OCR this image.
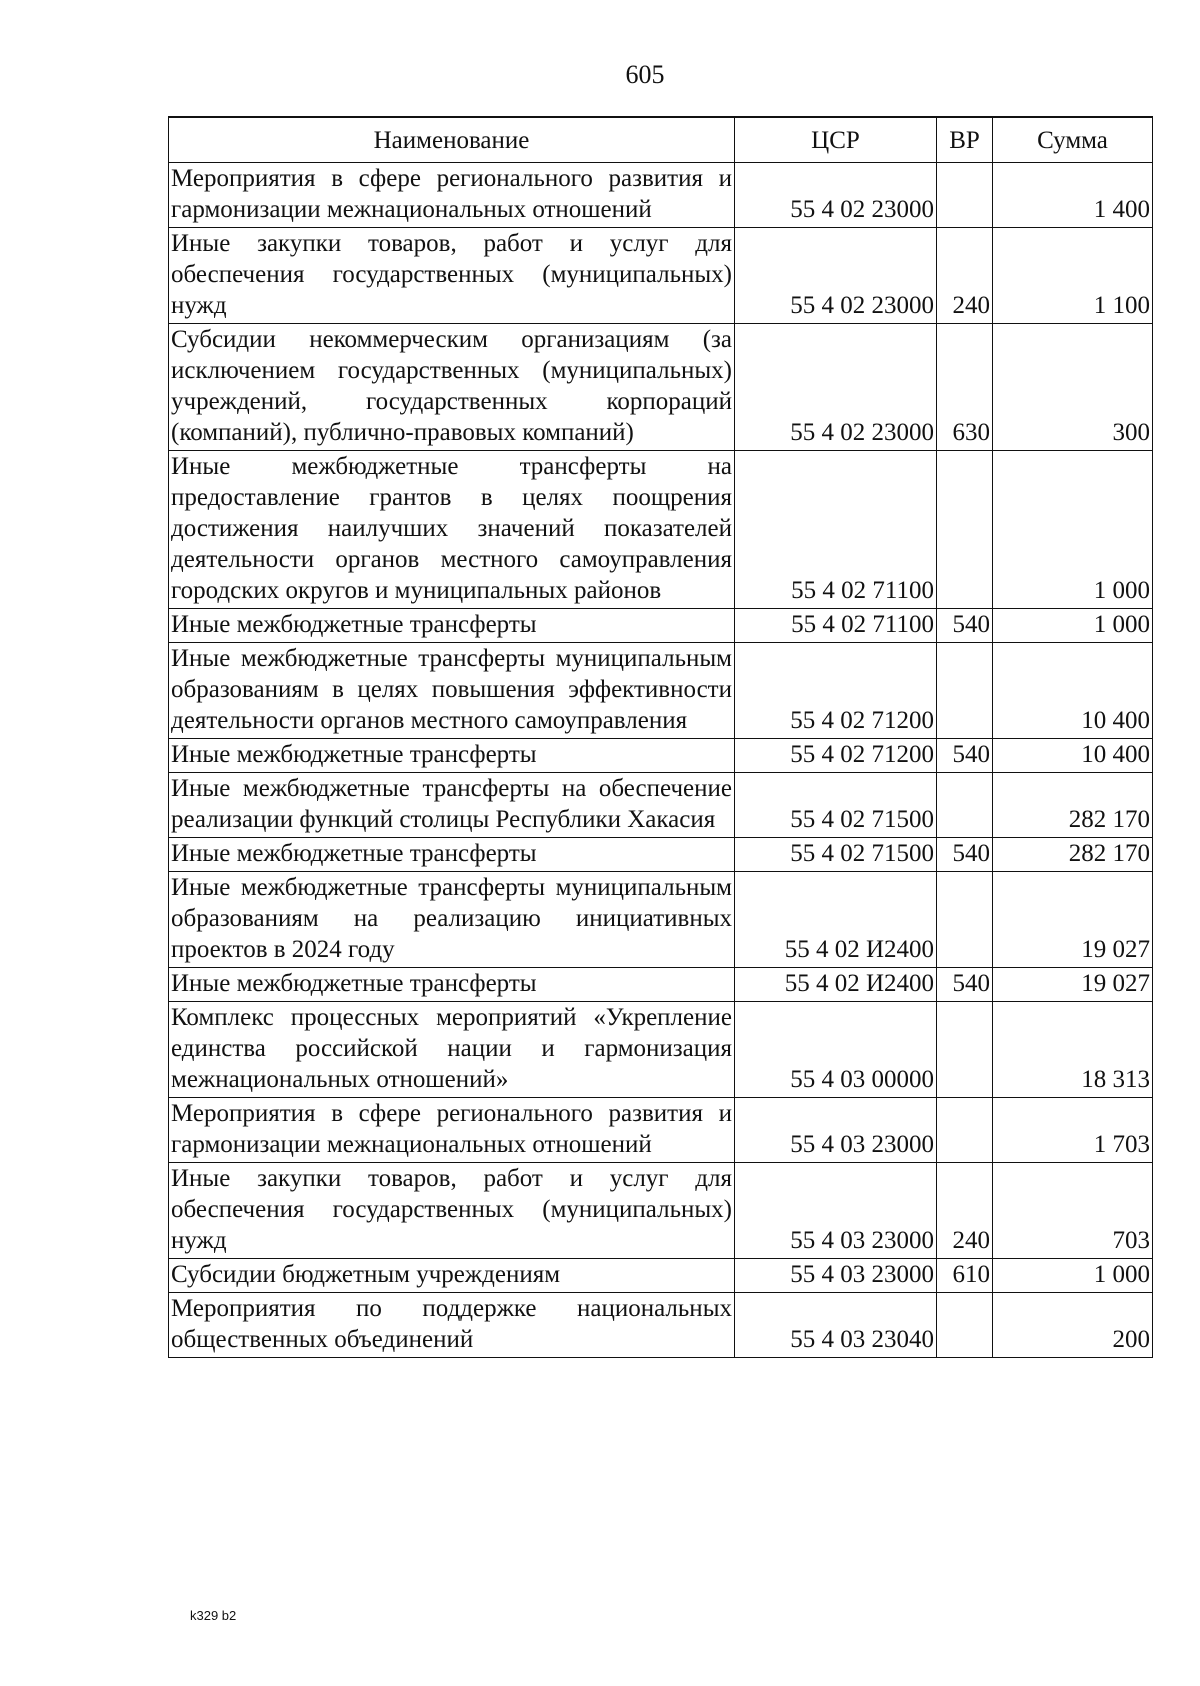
605
Наименование	ЦСР	ВР	Сумма
Мероприятия в сфере регионального развития и гармонизации межнациональных отношений	55 4 02 23000		1 400
Иные закупки товаров, работ и услуг для обеспечения государственных (муниципальных) нужд	55 4 02 23000	240	1 100
Субсидии некоммерческим организациям (за исключением государственных (муниципальных) учреждений, государственных корпораций (компаний), публично-правовых компаний)	55 4 02 23000	630	300
Иные межбюджетные трансферты на предоставление грантов в целях поощрения достижения наилучших значений показателей деятельности органов местного самоуправления городских округов и муниципальных районов	55 4 02 71100		1 000
Иные межбюджетные трансферты	55 4 02 71100	540	1 000
Иные межбюджетные трансферты муниципальным образованиям в целях повышения эффективности деятельности органов местного самоуправления	55 4 02 71200		10 400
Иные межбюджетные трансферты	55 4 02 71200	540	10 400
Иные межбюджетные трансферты на обеспечение реализации функций столицы Республики Хакасия	55 4 02 71500		282 170
Иные межбюджетные трансферты	55 4 02 71500	540	282 170
Иные межбюджетные трансферты муниципальным образованиям на реализацию инициативных проектов в 2024 году	55 4 02 И2400		19 027
Иные межбюджетные трансферты	55 4 02 И2400	540	19 027
Комплекс процессных мероприятий «Укрепление единства российской нации и гармонизация межнациональных отношений»	55 4 03 00000		18 313
Мероприятия в сфере регионального развития и гармонизации межнациональных отношений	55 4 03 23000		1 703
Иные закупки товаров, работ и услуг для обеспечения государственных (муниципальных) нужд	55 4 03 23000	240	703
Субсидии бюджетным учреждениям	55 4 03 23000	610	1 000
Мероприятия по поддержке национальных общественных объединений	55 4 03 23040		200
k329 b2
